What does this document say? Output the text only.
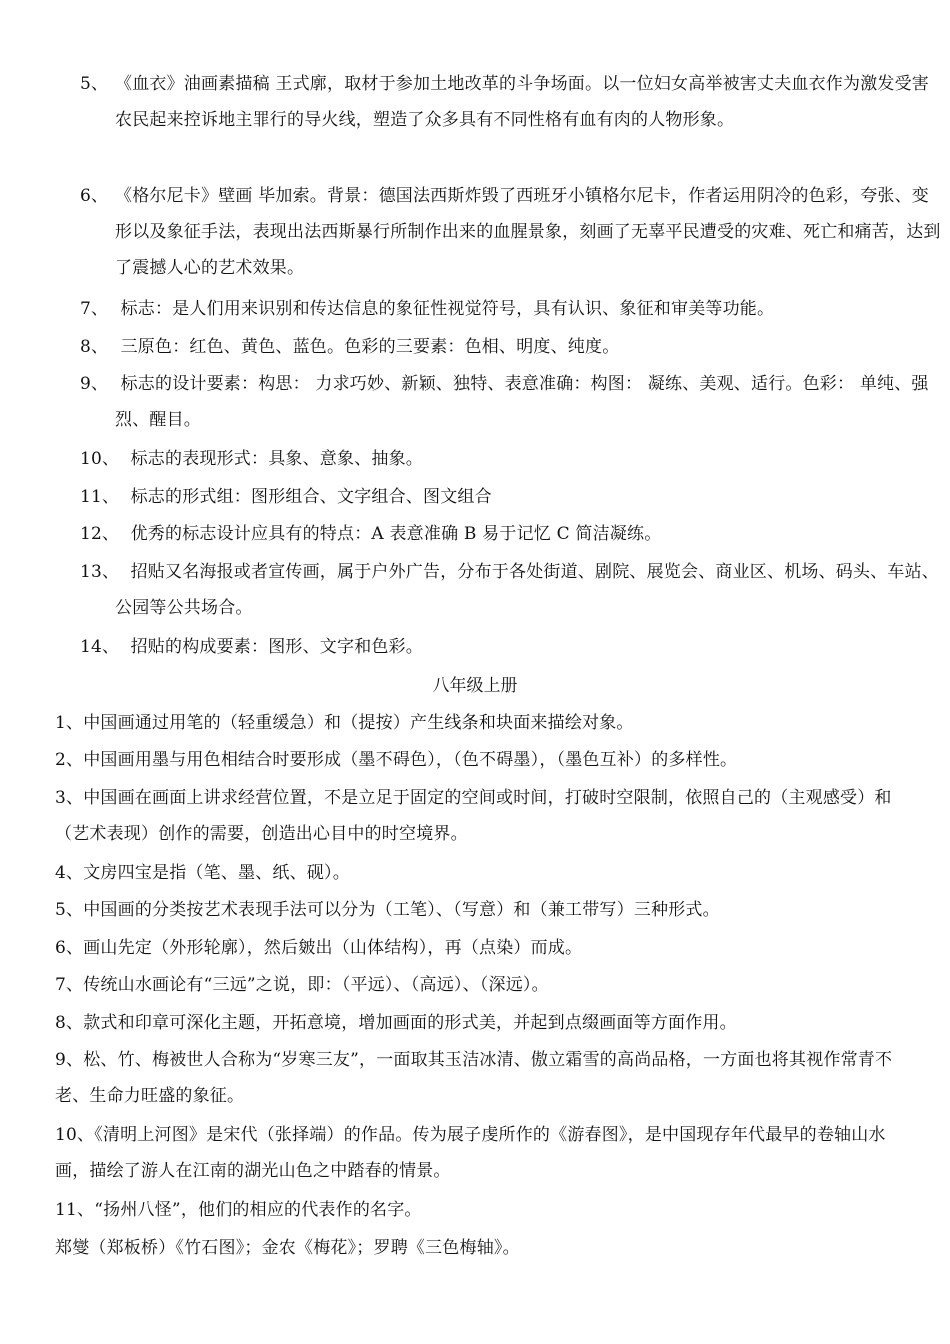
5、 《血衣》油画素描稿 王式廓，取材于参加土地改革的斗争场面。以一位妇女高举被害丈夫血衣作为激发受害农民起来控诉地主罪行的导火线，塑造了众多具有不同性格有血有肉的人物形象。
6、 《格尔尼卡》壁画 毕加索。背景：德国法西斯炸毁了西班牙小镇格尔尼卡，作者运用阴冷的色彩，夸张、变形以及象征手法，表现出法西斯暴行所制作出来的血腥景象，刻画了无辜平民遭受的灾难、死亡和痛苦，达到了震撼人心的艺术效果。
7、 标志：是人们用来识别和传达信息的象征性视觉符号，具有认识、象征和审美等功能。
8、 三原色：红色、黄色、蓝色。色彩的三要素：色相、明度、纯度。
9、 标志的设计要素：构思： 力求巧妙、新颖、独特、表意准确：构图： 凝练、美观、适行。色彩： 单纯、强烈、醒目。
10、 标志的表现形式：具象、意象、抽象。
11、 标志的形式组：图形组合、文字组合、图文组合
12、 优秀的标志设计应具有的特点：A 表意准确 B 易于记忆 C 简洁凝练。
13、 招贴又名海报或者宣传画，属于户外广告，分布于各处街道、剧院、展览会、商业区、机场、码头、车站、公园等公共场合。
14、 招贴的构成要素：图形、文字和色彩。
八年级上册
1、中国画通过用笔的（轻重缓急）和（提按）产生线条和块面来描绘对象。
2、中国画用墨与用色相结合时要形成（墨不碍色），（色不碍墨），（墨色互补）的多样性。
3、中国画在画面上讲求经营位置，不是立足于固定的空间或时间，打破时空限制，依照自己的（主观感受）和（艺术表现）创作的需要，创造出心目中的时空境界。
4、文房四宝是指（笔、墨、纸、砚）。
5、中国画的分类按艺术表现手法可以分为（工笔）、（写意）和（兼工带写）三种形式。
6、画山先定（外形轮廓），然后皴出（山体结构），再（点染）而成。
7、传统山水画论有“三远”之说，即：（平远）、（高远）、（深远）。
8、款式和印章可深化主题，开拓意境，增加画面的形式美，并起到点缀画面等方面作用。
9、松、竹、梅被世人合称为“岁寒三友”，一面取其玉洁冰清、傲立霜雪的高尚品格，一方面也将其视作常青不老、生命力旺盛的象征。
10、《清明上河图》是宋代（张择端）的作品。传为展子虔所作的《游春图》，是中国现存年代最早的卷轴山水画，描绘了游人在江南的湖光山色之中踏春的情景。
11、“扬州八怪”，他们的相应的代表作的名字。
郑燮（郑板桥）《竹石图》；金农《梅花》；罗聘《三色梅轴》。
